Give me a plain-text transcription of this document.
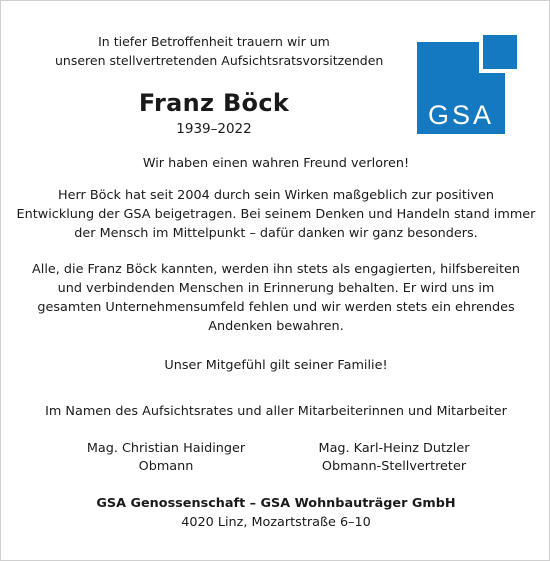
In tiefer Betroffenheit trauern wir um
unseren stellvertretenden Aufsichtsratsvorsitzenden
Franz Böck
1939–2022	GSA
Wir haben einen wahren Freund verloren!
Herr Böck hat seit 2004 durch sein Wirken maßgeblich zur positiven
Entwicklung der GSA beigetragen. Bei seinem Denken und Handeln stand immer
der Mensch im Mittelpunkt – dafür danken wir ganz besonders.
Alle, die Franz Böck kannten, werden ihn stets als engagierten, hilfsbereiten
und verbindenden Menschen in Erinnerung behalten. Er wird uns im
gesamten Unternehmensumfeld fehlen und wir werden stets ein ehrendes
Andenken bewahren.
Unser Mitgefühl gilt seiner Familie!
Im Namen des Aufsichtsrates und aller Mitarbeiterinnen und Mitarbeiter
Mag. Christian Haidinger
Obmann
Mag. Karl-Heinz Dutzler
Obmann-Stellvertreter
GSA Genossenschaft – GSA Wohnbauträger GmbH
4020 Linz, Mozartstraße 6–10
